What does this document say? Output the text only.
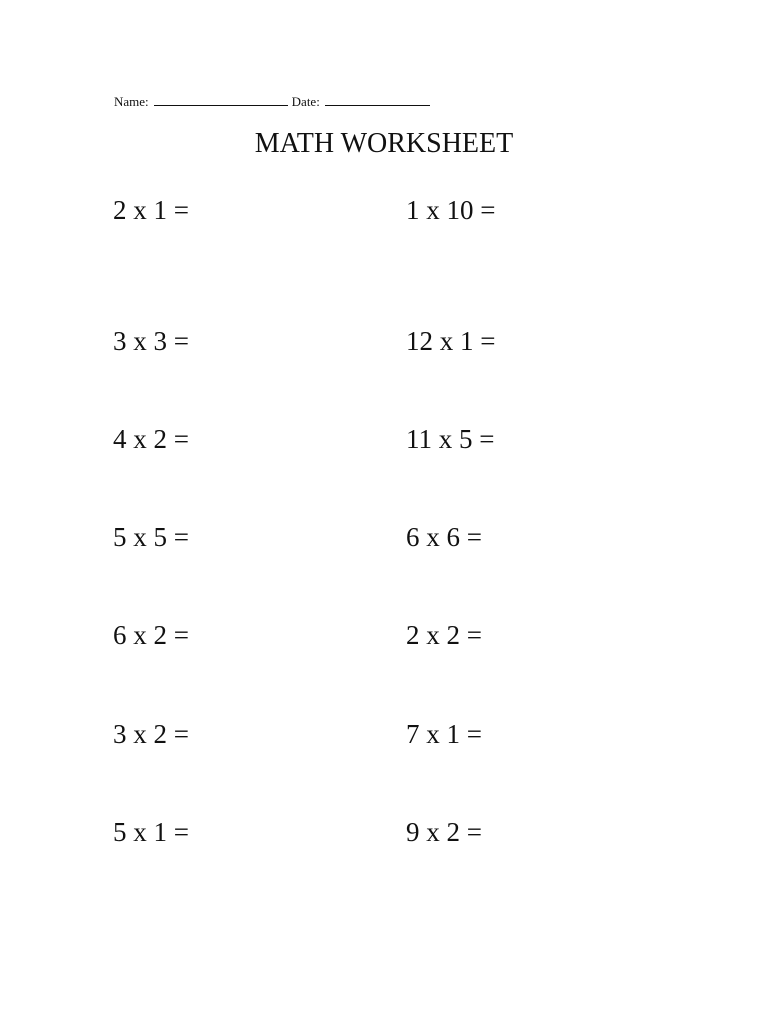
Name:	Date:
MATH WORKSHEET
2 x 1 =
3 x 3 =
4 x 2 =
5 x 5 =
6 x 2 =
3 x 2 =
5 x 1 =
1 x 10 =
12 x 1 =
11 x 5 =
6 x 6 =
2 x 2 =
7 x 1 =
9 x 2 =
